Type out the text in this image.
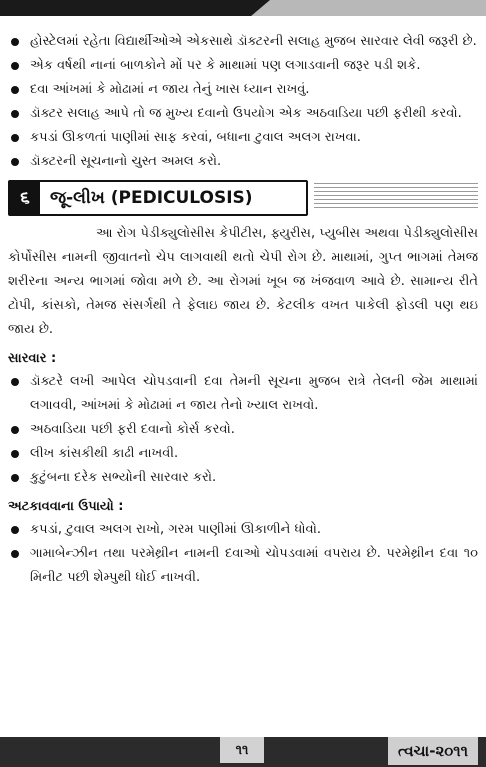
હોસ્ટેલમાં રહેતા વિદ્યાર્થીઓએ એકસાથે ડૉક્ટરની સલાહ મુજબ સારવાર લેવી જરૂરી છે.
એક વર્ષથી નાનાં બાળકોને મોં પર કે માથામાં પણ લગાડવાની જરૂર પડી શકે.
દવા આંખમાં કે મોઢામાં ન જાય તેનું ખાસ ધ્યાન રાખવું.
ડૉક્ટર સલાહ આપે તો જ મુખ્ય દવાનો ઉપયોગ એક અઠવાડિયા પછી ફરીથી કરવો.
કપડાં ઊકળતાં પાણીમાં સાફ કરવાં, બધાના ટુવાલ અલગ રાખવા.
ડૉક્ટરની સૂચનાનો ચુસ્ત અમલ કરો.
૬	જૂ-લીખ (PEDICULOSIS)

આ રોગ પેડીક્યુલોસીસ કેપીટીસ, ફ્યુરીસ, પ્યુબીસ અથવા પેડીક્યુલોસીસ કોર્પોસીસ નામની જીવાતનો ચેપ લાગવાથી થતો ચેપી રોગ છે. માથામાં, ગુપ્ત ભાગમાં તેમજ શરીરના અન્ય ભાગમાં જોવા મળે છે. આ રોગમાં ખૂબ જ ખંજવાળ આવે છે. સામાન્ય રીતે ટોપી, કાંસકો, તેમજ સંસર્ગથી તે ફેલાઇ જાય છે. કેટલીક વખત પાકેલી ફોડલી પણ થઇ જાય છે.

સારવાર :
ડૉક્ટરે લખી આપેલ ચોપડવાની દવા તેમની સૂચના મુજબ રાત્રે તેલની જેમ માથામાં લગાવવી, આંખમાં કે મોઢામાં ન જાય તેનો ખ્યાલ રાખવો.
અઠવાડિયા પછી ફરી દવાનો કોર્સ કરવો.
લીખ કાંસકીથી કાઢી નાખવી.
કુટુંબના દરેક સભ્યોની સારવાર કરો.
અટકાવવાના ઉપાયો :
કપડાં, ટુવાલ અલગ રાખો, ગરમ પાણીમાં ઊકાળીને ધોવો.
ગામાબેન્ઝીન તથા પરમેથ્રીન નામની દવાઓ ચોપડવામાં વપરાય છે. પરમેથ્રીન દવા ૧૦ મિનીટ પછી શેમ્પુથી ધોઈ નાખવી.
૧૧	ત્વચા-૨૦૧૧
